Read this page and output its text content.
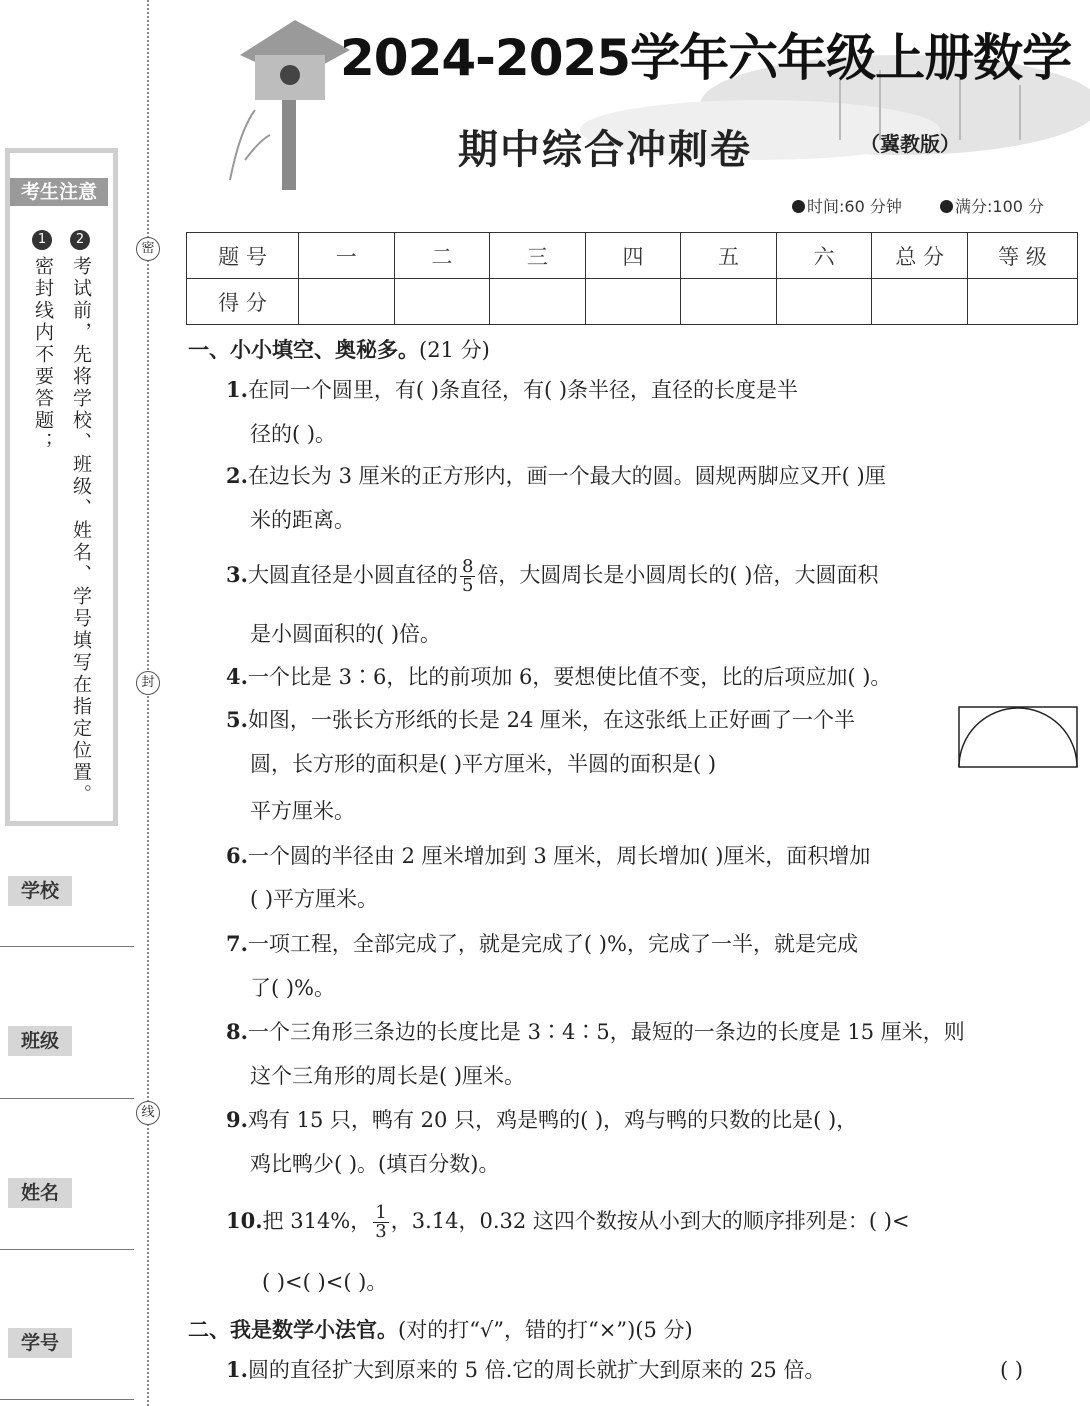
考生注意
1
密封线内不要答题；
2
考试前，先将学校、班级、姓名、学号填写在指定位置。
学校
班级
姓名
学号
密
封
线
2024-2025学年六年级上册数学
期中综合冲刺卷	（冀教版）
时间:60 分钟	满分:100 分
题 号	一	二	三	四	五	六	总 分	等 级
得 分								
一、小小填空、奥秘多。(21 分)
1.在同一个圆里，有( )条直径，有( )条半径，直径的长度是半
径的( )。
2.在边长为 3 厘米的正方形内，画一个最大的圆。圆规两脚应叉开( )厘
米的距离。
3.大圆直径是小圆直径的 $\frac{8}{5}$ 倍，大圆周长是小圆周长的( )倍，大圆面积
是小圆面积的( )倍。
4.一个比是 3∶6，比的前项加 6，要想使比值不变，比的后项应加( )。
5.如图，一张长方形纸的长是 24 厘米，在这张纸上正好画了一个半
圆，长方形的面积是( )平方厘米，半圆的面积是( )
平方厘米。
6.一个圆的半径由 2 厘米增加到 3 厘米，周长增加( )厘米，面积增加
( )平方厘米。
7.一项工程，全部完成了，就是完成了( )%，完成了一半，就是完成
了( )%。
8.一个三角形三条边的长度比是 3∶4∶5，最短的一条边的长度是 15 厘米，则
这个三角形的周长是( )厘米。
9.鸡有 15 只，鸭有 20 只，鸡是鸭的( )，鸡与鸭的只数的比是( )，
鸡比鸭少( )。(填百分数)。
10.把 314%， $\frac{1}{3}$ ，3.1̇4̇，0.32 这四个数按从小到大的顺序排列是：( )<
( )<( )<( )。
二、我是数学小法官。(对的打“√”，错的打“×”)(5 分)
1.圆的直径扩大到原来的 5 倍.它的周长就扩大到原来的 25 倍。	( )
